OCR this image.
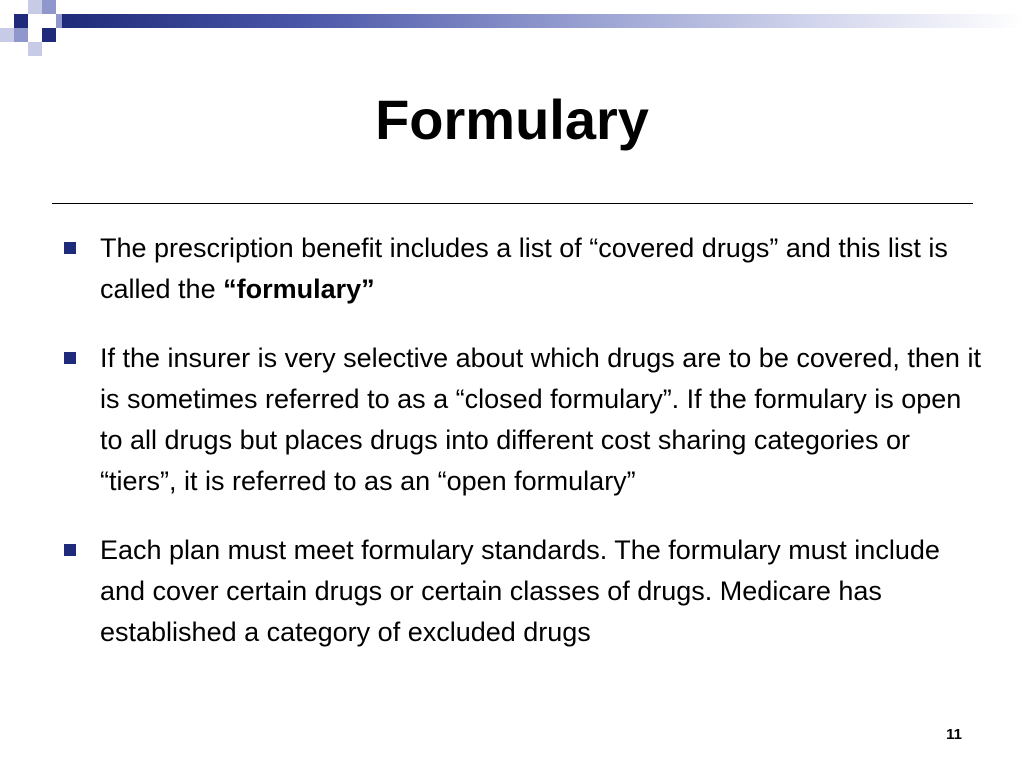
Formulary
The prescription benefit includes a list of “covered drugs” and this list is called the “formulary”
If the insurer is very selective about which drugs are to be covered, then it is sometimes referred to as a “closed formulary”. If the formulary is open to all drugs but places drugs into different cost sharing categories or “tiers”, it is referred to as an “open formulary”
Each plan must meet formulary standards. The formulary must include and cover certain drugs or certain classes of drugs. Medicare has established a category of excluded drugs
11
